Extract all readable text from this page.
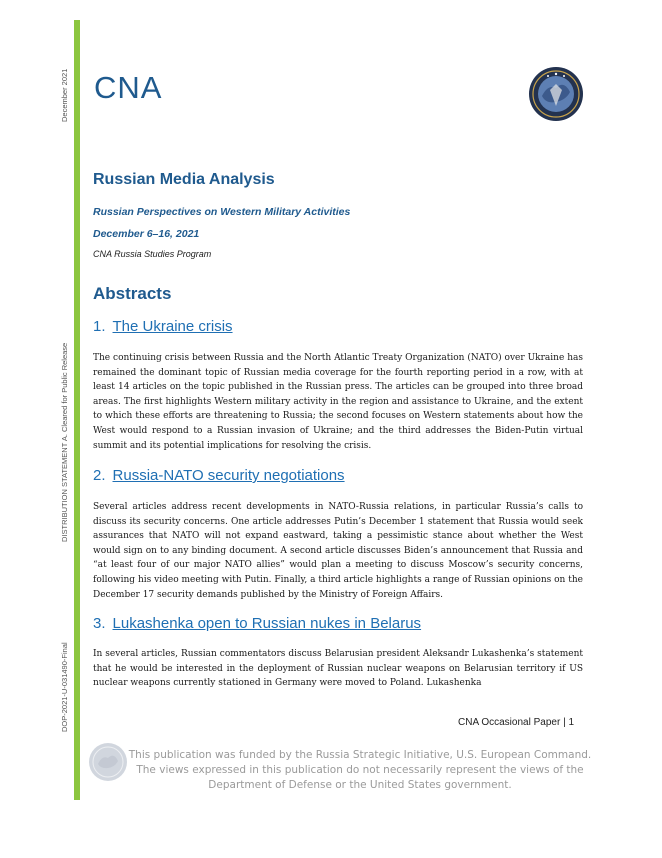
December 2021
DISTRIBUTION STATEMENT A. Cleared for Public Release
DOP-2021-U-031490-Final
CNA
Russian Media Analysis
Russian Perspectives on Western Military Activities
December 6–16, 2021
CNA Russia Studies Program
Abstracts
1. The Ukraine crisis
The continuing crisis between Russia and the North Atlantic Treaty Organization (NATO) over Ukraine has remained the dominant topic of Russian media coverage for the fourth reporting period in a row, with at least 14 articles on the topic published in the Russian press. The articles can be grouped into three broad areas. The first highlights Western military activity in the region and assistance to Ukraine, and the extent to which these efforts are threatening to Russia; the second focuses on Western statements about how the West would respond to a Russian invasion of Ukraine; and the third addresses the Biden-Putin virtual summit and its potential implications for resolving the crisis.
2. Russia-NATO security negotiations
Several articles address recent developments in NATO-Russia relations, in particular Russia’s calls to discuss its security concerns. One article addresses Putin’s December 1 statement that Russia would seek assurances that NATO will not expand eastward, taking a pessimistic stance about whether the West would sign on to any binding document. A second article discusses Biden’s announcement that Russia and “at least four of our major NATO allies” would plan a meeting to discuss Moscow’s security concerns, following his video meeting with Putin. Finally, a third article highlights a range of Russian opinions on the December 17 security demands published by the Ministry of Foreign Affairs.
3. Lukashenka open to Russian nukes in Belarus
In several articles, Russian commentators discuss Belarusian president Aleksandr Lukashenka’s statement that he would be interested in the deployment of Russian nuclear weapons on Belarusian territory if US nuclear weapons currently stationed in Germany were moved to Poland. Lukashenka
CNA Occasional Paper | 1
This publication was funded by the Russia Strategic Initiative, U.S. European Command. The views expressed in this publication do not necessarily represent the views of the Department of Defense or the United States government.
